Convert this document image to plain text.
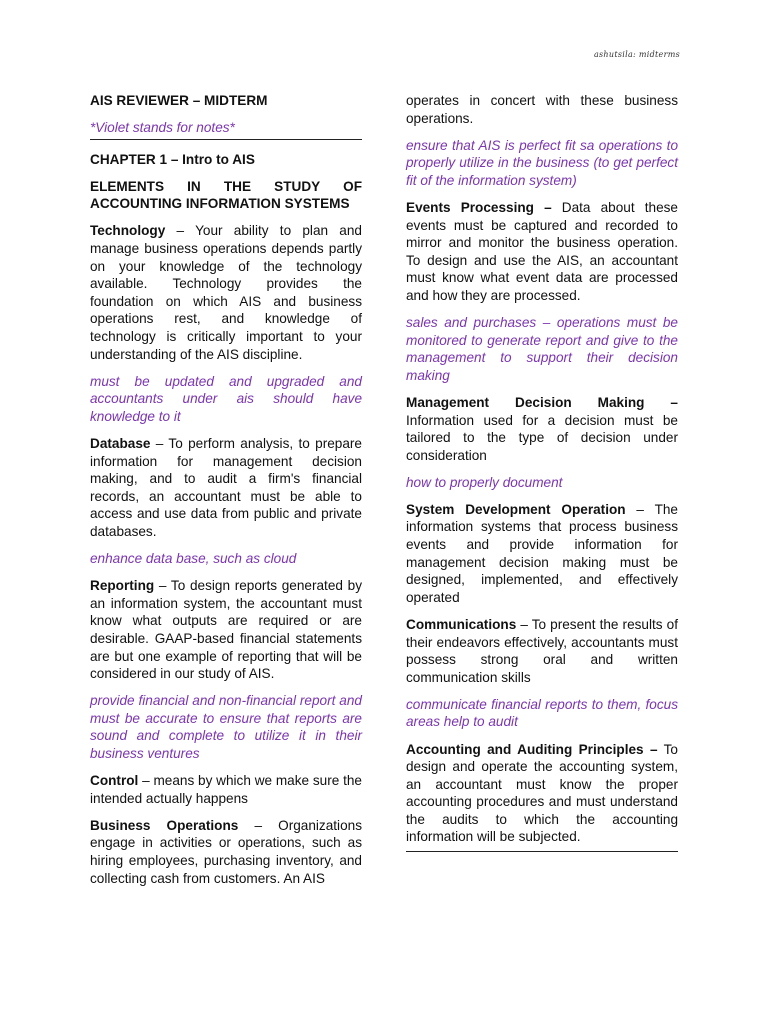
ashutsila: midterms

AIS REVIEWER – MIDTERM

*Violet stands for notes*

CHAPTER 1 – Intro to AIS

ELEMENTS IN THE STUDY OF ACCOUNTING INFORMATION SYSTEMS

Technology – Your ability to plan and manage business operations depends partly on your knowledge of the technology available. Technology provides the foundation on which AIS and business operations rest, and knowledge of technology is critically important to your understanding of the AIS discipline.

must be updated and upgraded and accountants under ais should have knowledge to it

Database – To perform analysis, to prepare information for management decision making, and to audit a firm's financial records, an accountant must be able to access and use data from public and private databases.

enhance data base, such as cloud

Reporting – To design reports generated by an information system, the accountant must know what outputs are required or are desirable. GAAP-based financial statements are but one example of reporting that will be considered in our study of AIS.

provide financial and non-financial report and must be accurate to ensure that reports are sound and complete to utilize it in their business ventures

Control – means by which we make sure the intended actually happens

Business Operations – Organizations engage in activities or operations, such as hiring employees, purchasing inventory, and collecting cash from customers. An AIS

operates in concert with these business operations.

ensure that AIS is perfect fit sa operations to properly utilize in the business (to get perfect fit of the information system)

Events Processing – Data about these events must be captured and recorded to mirror and monitor the business operation. To design and use the AIS, an accountant must know what event data are processed and how they are processed.

sales and purchases – operations must be monitored to generate report and give to the management to support their decision making

Management Decision Making – Information used for a decision must be tailored to the type of decision under consideration

how to properly document

System Development Operation – The information systems that process business events and provide information for management decision making must be designed, implemented, and effectively operated

Communications – To present the results of their endeavors effectively, accountants must possess strong oral and written communication skills

communicate financial reports to them, focus areas help to audit

Accounting and Auditing Principles – To design and operate the accounting system, an accountant must know the proper accounting procedures and must understand the audits to which the accounting information will be subjected.
